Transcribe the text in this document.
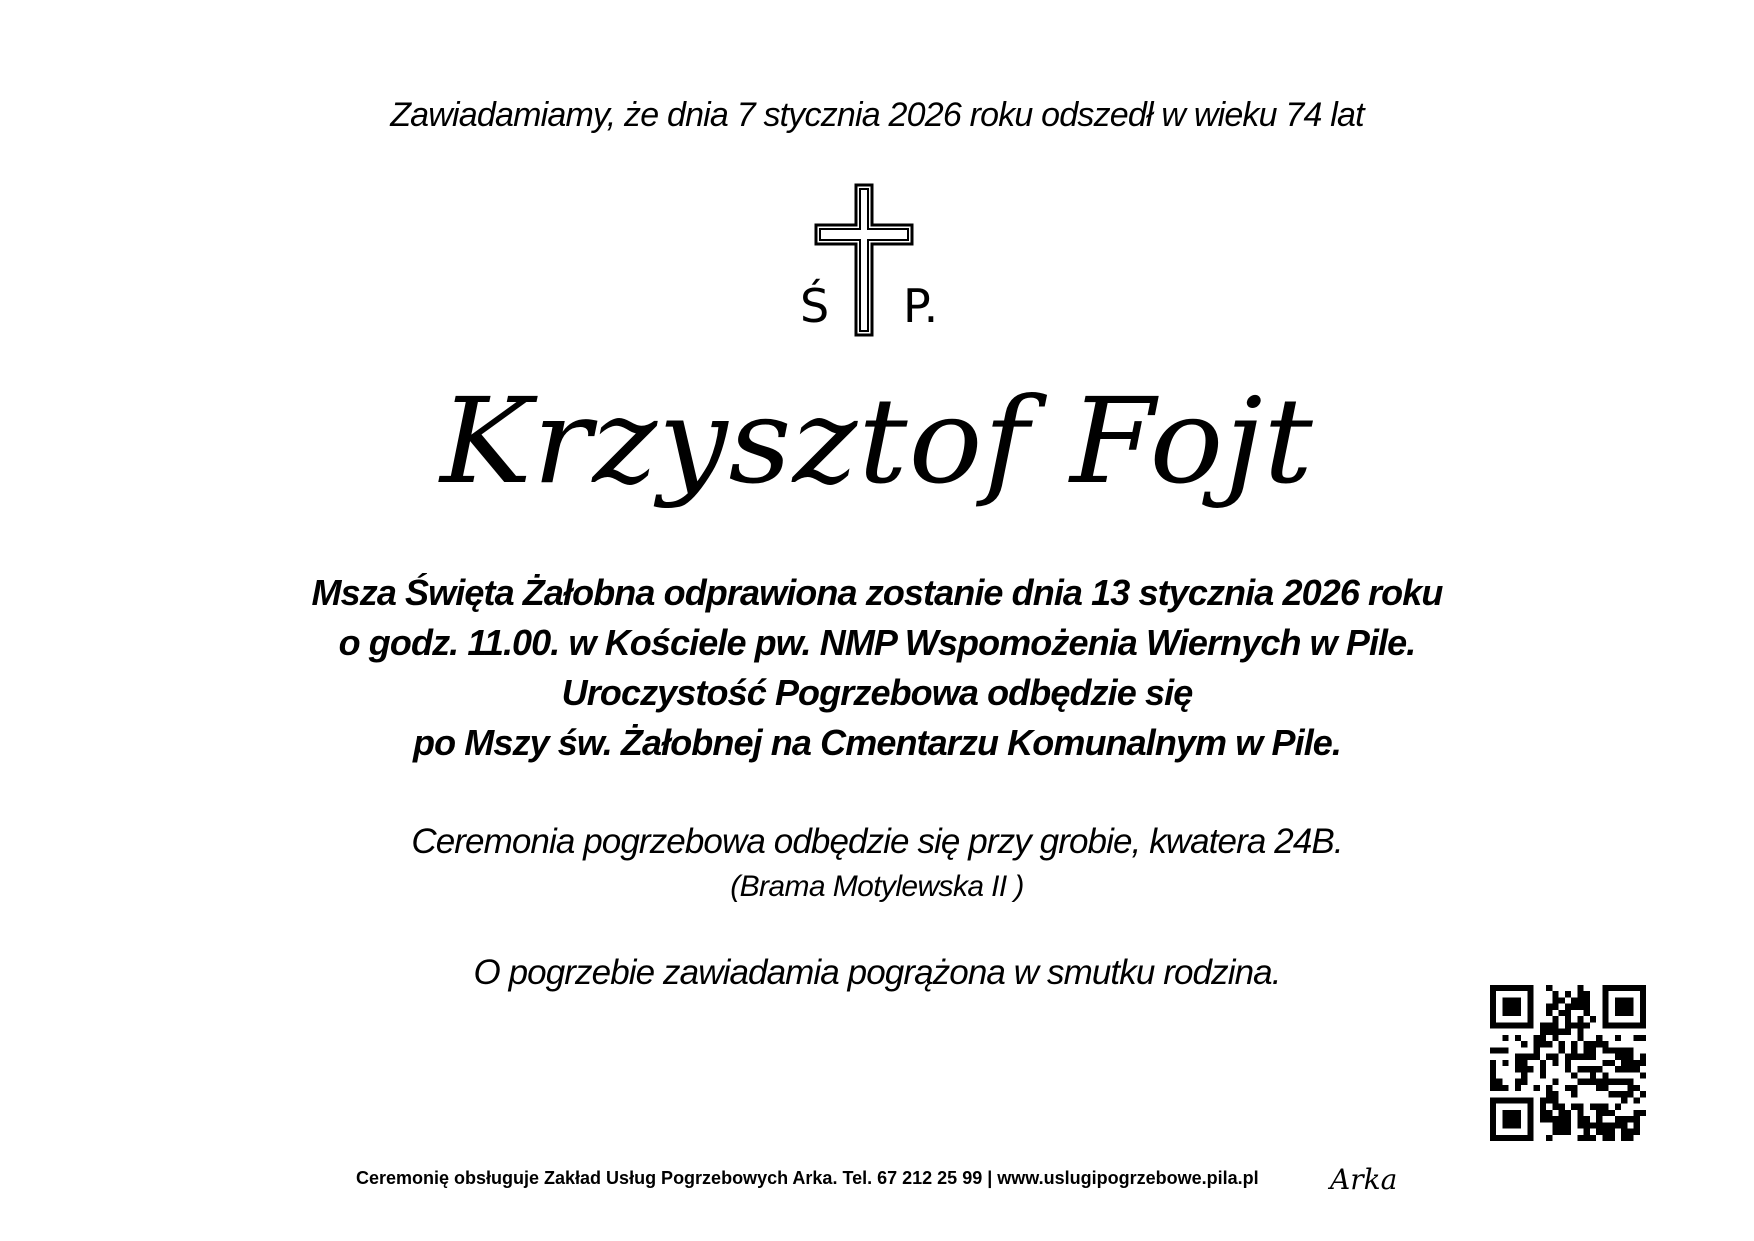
Zawiadamiamy, że dnia 7 stycznia 2026 roku odszedł w wieku 74 lat
Ś P.
Krzysztof Fojt
Msza Święta Żałobna odprawiona zostanie dnia 13 stycznia 2026 roku
o godz. 11.00. w Kościele pw. NMP Wspomożenia Wiernych w Pile.
Uroczystość Pogrzebowa odbędzie się
po Mszy św. Żałobnej na Cmentarzu Komunalnym w Pile.
Ceremonia pogrzebowa odbędzie się przy grobie, kwatera 24B.
(Brama Motylewska II )
O pogrzebie zawiadamia pogrążona w smutku rodzina.
Ceremonię obsługuje Zakład Usług Pogrzebowych Arka. Tel. 67 212 25 99 | www.uslugipogrzebowe.pila.pl	Arka
